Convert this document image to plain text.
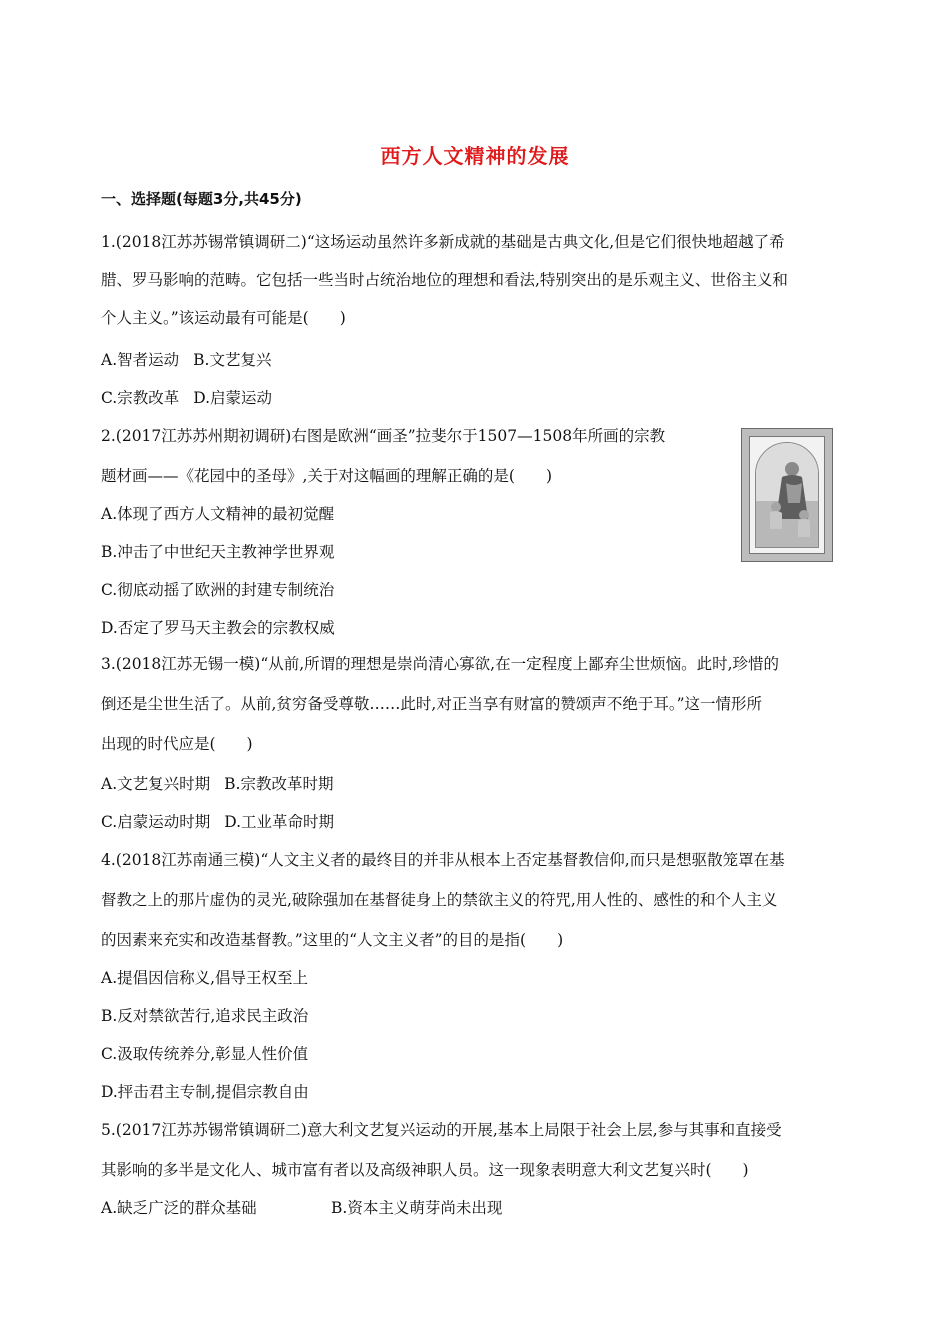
西方人文精神的发展
一、选择题(每题3分,共45分)
1.(2018江苏苏锡常镇调研二)“这场运动虽然许多新成就的基础是古典文化,但是它们很快地超越了希
腊、罗马影响的范畴。它包括一些当时占统治地位的理想和看法,特别突出的是乐观主义、世俗主义和
个人主义。”该运动最有可能是(　　)
A.智者运动 B.文艺复兴
C.宗教改革 D.启蒙运动
2.(2017江苏苏州期初调研)右图是欧洲“画圣”拉斐尔于1507—1508年所画的宗教
题材画——《花园中的圣母》,关于对这幅画的理解正确的是(　　)
A.体现了西方人文精神的最初觉醒
B.冲击了中世纪天主教神学世界观
C.彻底动摇了欧洲的封建专制统治
D.否定了罗马天主教会的宗教权威
3.(2018江苏无锡一模)“从前,所谓的理想是崇尚清心寡欲,在一定程度上鄙弃尘世烦恼。此时,珍惜的
倒还是尘世生活了。从前,贫穷备受尊敬……此时,对正当享有财富的赞颂声不绝于耳。”这一情形所
出现的时代应是(　　)
A.文艺复兴时期 B.宗教改革时期
C.启蒙运动时期 D.工业革命时期
4.(2018江苏南通三模)“人文主义者的最终目的并非从根本上否定基督教信仰,而只是想驱散笼罩在基
督教之上的那片虚伪的灵光,破除强加在基督徒身上的禁欲主义的符咒,用人性的、感性的和个人主义
的因素来充实和改造基督教。”这里的“人文主义者”的目的是指(　　)
A.提倡因信称义,倡导王权至上
B.反对禁欲苦行,追求民主政治
C.汲取传统养分,彰显人性价值
D.抨击君主专制,提倡宗教自由
5.(2017江苏苏锡常镇调研二)意大利文艺复兴运动的开展,基本上局限于社会上层,参与其事和直接受
其影响的多半是文化人、城市富有者以及高级神职人员。这一现象表明意大利文艺复兴时(　　)
A.缺乏广泛的群众基础	B.资本主义萌芽尚未出现
